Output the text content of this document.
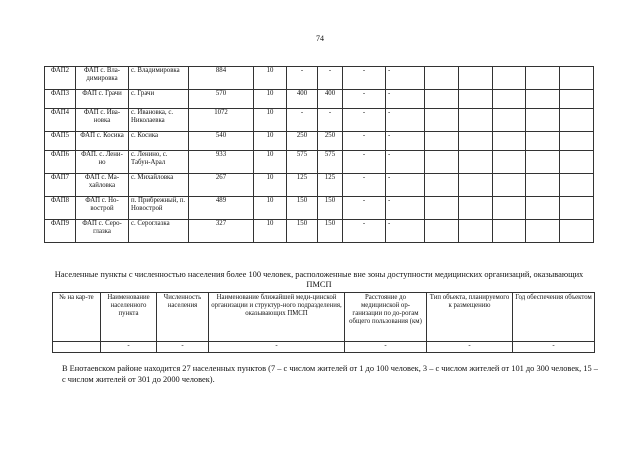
74
ФАП2	ФАП с. Вла-димировка	с. Владимировка	884	10	-	-	-	-					
ФАП3	ФАП с. Грачи	с. Грачи	570	10	400	400	-	-					
ФАП4	ФАП с. Ива-новка	с. Ивановка, с. Николаевка	1072	10	-	-	-	-					
ФАП5	ФАП с. Косика	с. Косика	540	10	250	250	-	-					
ФАП6	ФАП. с. Лени-но	с. Ленино, с. Табун-Арал	933	10	575	575	-	-					
ФАП7	ФАП с. Ма-хайловка	с. Михайловка	267	10	125	125	-	-					
ФАП8	ФАП с. Но-вострой	п. Прибрежный, п. Новострой	489	10	150	150	-	-					
ФАП9	ФАП с. Серо-глазка	с. Сероглазка	327	10	150	150	-	-					
Населенные пункты с численностью населения более 100 человек, расположенные вне зоны доступности медицинских организаций, оказывающих ПМСП
№ на кар-те	Наименование населенного пункта	Численность населения	Наименование ближайшей меди-цинской организации и структур-ного подразделения, оказывающих ПМСП	Расстояние до медицинской ор-ганизации по до-рогам общего пользования (км)	Тип объекта, планируемого к размещению	Год обеспечения объектом
	-	-	-	-	-	-
В Енотаевском районе находится 27 населенных пунктов (7 – с числом жителей от 1 до 100 человек, 3 – с числом жителей от 101 до 300 человек, 15 – с числом жителей от 301 до 2000 человек).
